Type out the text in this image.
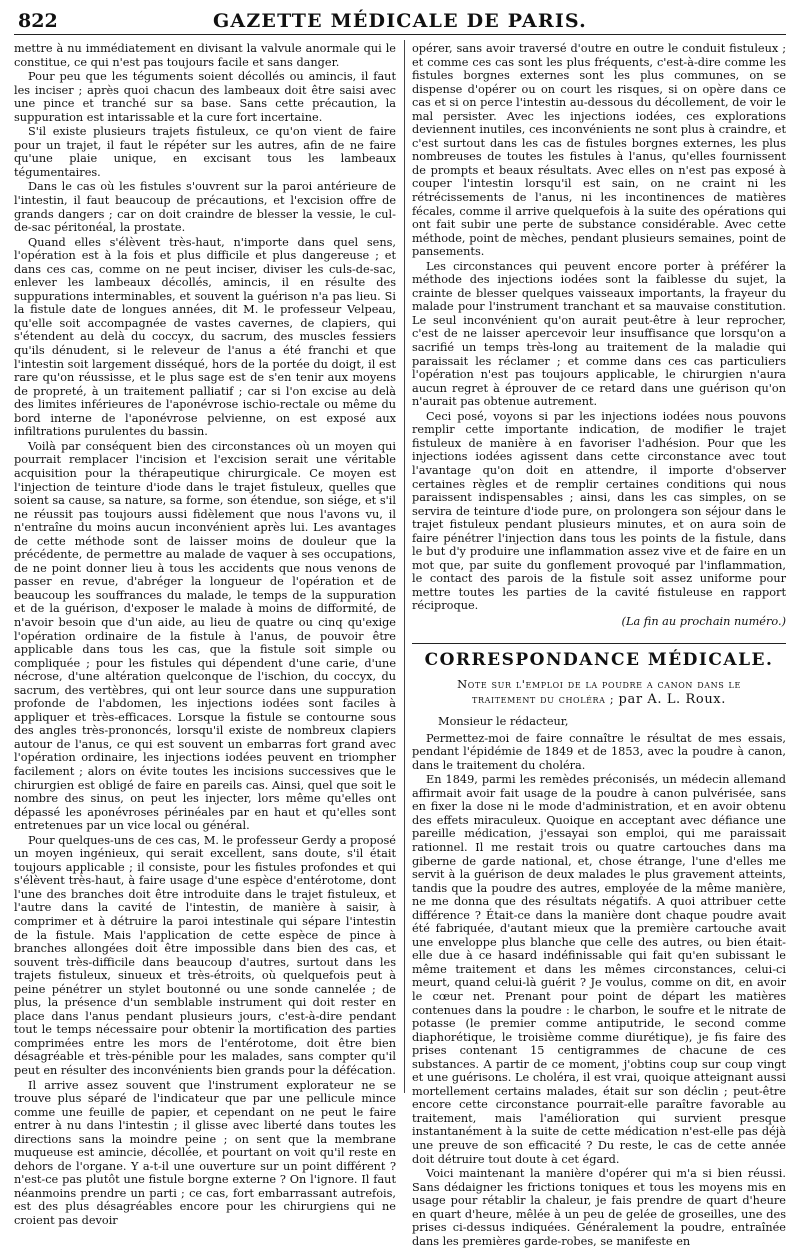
822	GAZETTE MÉDICALE DE PARIS.

mettre à nu immédiatement en divisant la valvule anormale qui le constitue, ce qui n'est pas toujours facile et sans danger.

Pour peu que les téguments soient décollés ou amincis, il faut les inciser ; après quoi chacun des lambeaux doit être saisi avec une pince et tranché sur sa base. Sans cette précaution, la suppuration est intarissable et la cure fort incertaine.

S'il existe plusieurs trajets fistuleux, ce qu'on vient de faire pour un trajet, il faut le répéter sur les autres, afin de ne faire qu'une plaie unique, en excisant tous les lambeaux tégumentaires.

Dans le cas où les fistules s'ouvrent sur la paroi antérieure de l'intestin, il faut beaucoup de précautions, et l'excision offre de grands dangers ; car on doit craindre de blesser la vessie, le cul-de-sac péritonéal, la prostate.

Quand elles s'élèvent très-haut, n'importe dans quel sens, l'opération est à la fois et plus difficile et plus dangereuse ; et dans ces cas, comme on ne peut inciser, diviser les culs-de-sac, enlever les lambeaux décollés, amincis, il en résulte des suppurations interminables, et souvent la guérison n'a pas lieu. Si la fistule date de longues années, dit M. le professeur Velpeau, qu'elle soit accompagnée de vastes cavernes, de clapiers, qui s'étendent au delà du coccyx, du sacrum, des muscles fessiers qu'ils dénudent, si le releveur de l'anus a été franchi et que l'intestin soit largement disséqué, hors de la portée du doigt, il est rare qu'on réussisse, et le plus sage est de s'en tenir aux moyens de propreté, à un traitement palliatif ; car si l'on excise au delà des limites inférieures de l'aponévrose ischio-rectale ou même du bord interne de l'aponévrose pelvienne, on est exposé aux infiltrations purulentes du bassin.

Voilà par conséquent bien des circonstances où un moyen qui pourrait remplacer l'incision et l'excision serait une véritable acquisition pour la thérapeutique chirurgicale. Ce moyen est l'injection de teinture d'iode dans le trajet fistuleux, quelles que soient sa cause, sa nature, sa forme, son étendue, son siége, et s'il ne réussit pas toujours aussi fidèlement que nous l'avons vu, il n'entraîne du moins aucun inconvénient après lui. Les avantages de cette méthode sont de laisser moins de douleur que la précédente, de permettre au malade de vaquer à ses occupations, de ne point donner lieu à tous les accidents que nous venons de passer en revue, d'abréger la longueur de l'opération et de beaucoup les souffrances du malade, le temps de la suppuration et de la guérison, d'exposer le malade à moins de difformité, de n'avoir besoin que d'un aide, au lieu de quatre ou cinq qu'exige l'opération ordinaire de la fistule à l'anus, de pouvoir être applicable dans tous les cas, que la fistule soit simple ou compliquée ; pour les fistules qui dépendent d'une carie, d'une nécrose, d'une altération quelconque de l'ischion, du coccyx, du sacrum, des vertèbres, qui ont leur source dans une suppuration profonde de l'abdomen, les injections iodées sont faciles à appliquer et très-efficaces. Lorsque la fistule se contourne sous des angles très-prononcés, lorsqu'il existe de nombreux clapiers autour de l'anus, ce qui est souvent un embarras fort grand avec l'opération ordinaire, les injections iodées peuvent en triompher facilement ; alors on évite toutes les incisions successives que le chirurgien est obligé de faire en pareils cas. Ainsi, quel que soit le nombre des sinus, on peut les injecter, lors même qu'elles ont dépassé les aponévroses périnéales par en haut et qu'elles sont entretenues par un vice local ou général.

Pour quelques-uns de ces cas, M. le professeur Gerdy a proposé un moyen ingénieux, qui serait excellent, sans doute, s'il était toujours applicable ; il consiste, pour les fistules profondes et qui s'élèvent très-haut, à faire usage d'une espèce d'entérotome, dont l'une des branches doit être introduite dans le trajet fistuleux, et l'autre dans la cavité de l'intestin, de manière à saisir, à comprimer et à détruire la paroi intestinale qui sépare l'intestin de la fistule. Mais l'application de cette espèce de pince à branches allongées doit être impossible dans bien des cas, et souvent très-difficile dans beaucoup d'autres, surtout dans les trajets fistuleux, sinueux et très-étroits, où quelquefois peut à peine pénétrer un stylet boutonné ou une sonde cannelée ; de plus, la présence d'un semblable instrument qui doit rester en place dans l'anus pendant plusieurs jours, c'est-à-dire pendant tout le temps nécessaire pour obtenir la mortification des parties comprimées entre les mors de l'entérotome, doit être bien désagréable et très-pénible pour les malades, sans compter qu'il peut en résulter des inconvénients bien grands pour la défécation.

Il arrive assez souvent que l'instrument explorateur ne se trouve plus séparé de l'indicateur que par une pellicule mince comme une feuille de papier, et cependant on ne peut le faire entrer à nu dans l'intestin ; il glisse avec liberté dans toutes les directions sans la moindre peine ; on sent que la membrane muqueuse est amincie, décollée, et pourtant on voit qu'il reste en dehors de l'organe. Y a-t-il une ouverture sur un point différent ? n'est-ce pas plutôt une fistule borgne externe ? On l'ignore. Il faut néanmoins prendre un parti ; ce cas, fort embarrassant autrefois, est des plus désagréables encore pour les chirurgiens qui ne croient pas devoir

opérer, sans avoir traversé d'outre en outre le conduit fistuleux ; et comme ces cas sont les plus fréquents, c'est-à-dire comme les fistules borgnes externes sont les plus communes, on se dispense d'opérer ou on court les risques, si on opère dans ce cas et si on perce l'intestin au-dessous du décollement, de voir le mal persister. Avec les injections iodées, ces explorations deviennent inutiles, ces inconvénients ne sont plus à craindre, et c'est surtout dans les cas de fistules borgnes externes, les plus nombreuses de toutes les fistules à l'anus, qu'elles fournissent de prompts et beaux résultats. Avec elles on n'est pas exposé à couper l'intestin lorsqu'il est sain, on ne craint ni les rétrécissements de l'anus, ni les incontinences de matières fécales, comme il arrive quelquefois à la suite des opérations qui ont fait subir une perte de substance considérable. Avec cette méthode, point de mèches, pendant plusieurs semaines, point de pansements.

Les circonstances qui peuvent encore porter à préférer la méthode des injections iodées sont la faiblesse du sujet, la crainte de blesser quelques vaisseaux importants, la frayeur du malade pour l'instrument tranchant et sa mauvaise constitution. Le seul inconvénient qu'on aurait peut-être à leur reprocher, c'est de ne laisser apercevoir leur insuffisance que lorsqu'on a sacrifié un temps très-long au traitement de la maladie qui paraissait les réclamer ; et comme dans ces cas particuliers l'opération n'est pas toujours applicable, le chirurgien n'aura aucun regret à éprouver de ce retard dans une guérison qu'on n'aurait pas obtenue autrement.

Ceci posé, voyons si par les injections iodées nous pouvons remplir cette importante indication, de modifier le trajet fistuleux de manière à en favoriser l'adhésion. Pour que les injections iodées agissent dans cette circonstance avec tout l'avantage qu'on doit en attendre, il importe d'observer certaines règles et de remplir certaines conditions qui nous paraissent indispensables ; ainsi, dans les cas simples, on se servira de teinture d'iode pure, on prolongera son séjour dans le trajet fistuleux pendant plusieurs minutes, et on aura soin de faire pénétrer l'injection dans tous les points de la fistule, dans le but d'y produire une inflammation assez vive et de faire en un mot que, par suite du gonflement provoqué par l'inflammation, le contact des parois de la fistule soit assez uniforme pour mettre toutes les parties de la cavité fistuleuse en rapport réciproque.

(La fin au prochain numéro.)
CORRESPONDANCE MÉDICALE.
Note sur l'emploi de la poudre a canon dans le
traitement du choléra ; par A. L. Roux.

Monsieur le rédacteur,

Permettez-moi de faire connaître le résultat de mes essais, pendant l'épidémie de 1849 et de 1853, avec la poudre à canon, dans le traitement du choléra.

En 1849, parmi les remèdes préconisés, un médecin allemand affirmait avoir fait usage de la poudre à canon pulvérisée, sans en fixer la dose ni le mode d'administration, et en avoir obtenu des effets miraculeux. Quoique en acceptant avec défiance une pareille médication, j'essayai son emploi, qui me paraissait rationnel. Il me restait trois ou quatre cartouches dans ma giberne de garde national, et, chose étrange, l'une d'elles me servit à la guérison de deux malades le plus gravement atteints, tandis que la poudre des autres, employée de la même manière, ne me donna que des résultats négatifs. A quoi attribuer cette différence ? Était-ce dans la manière dont chaque poudre avait été fabriquée, d'autant mieux que la première cartouche avait une enveloppe plus blanche que celle des autres, ou bien était-elle due à ce hasard indéfinissable qui fait qu'en subissant le même traitement et dans les mêmes circonstances, celui-ci meurt, quand celui-là guérit ? Je voulus, comme on dit, en avoir le cœur net. Prenant pour point de départ les matières contenues dans la poudre : le charbon, le soufre et le nitrate de potasse (le premier comme antiputride, le second comme diaphorétique, le troisième comme diurétique), je fis faire des prises contenant 15 centigrammes de chacune de ces substances. A partir de ce moment, j'obtins coup sur coup vingt et une guérisons. Le choléra, il est vrai, quoique atteignant aussi mortellement certains malades, était sur son déclin ; peut-être encore cette circonstance pourrait-elle paraître favorable au traitement, mais l'amélioration qui survient presque instantanément à la suite de cette médication n'est-elle pas déjà une preuve de son efficacité ? Du reste, le cas de cette année doit détruire tout doute à cet égard.

Voici maintenant la manière d'opérer qui m'a si bien réussi. Sans dédaigner les frictions toniques et tous les moyens mis en usage pour rétablir la chaleur, je fais prendre de quart d'heure en quart d'heure, mêlée à un peu de gelée de groseilles, une des prises ci-dessus indiquées. Généralement la poudre, entraînée dans les premières garde-robes, se manifeste en
